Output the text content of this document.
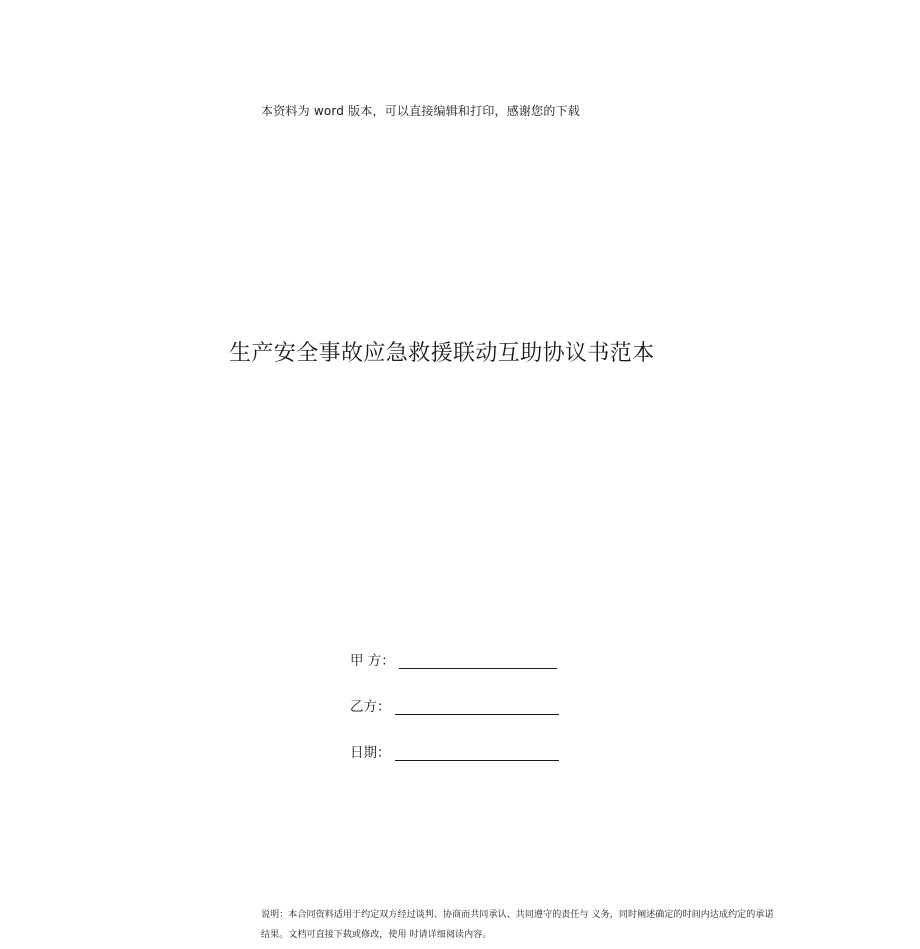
本资料为 word 版本，可以直接编辑和打印，感谢您的下载
生产安全事故应急救援联动互助协议书范本
甲 方：
乙方：
日期：
说明：本合同资料适用于约定双方经过谈判、协商而共同承认、共同遵守的责任与 义务，同时阐述确定的时间内达成约定的承诺
结果。文档可直接下载或修改，使用 时请详细阅读内容。
